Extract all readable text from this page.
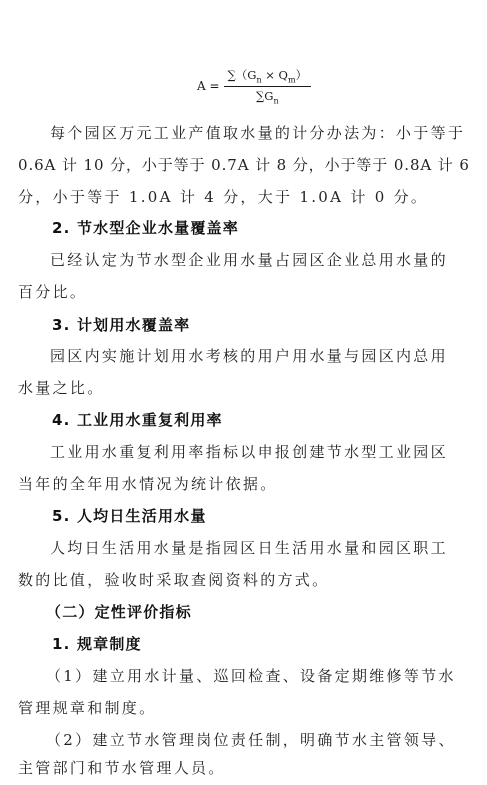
$A = \frac{\sum(G_n \times Q_m)}{\sum G_n}$
每个园区万元工业产值取水量的计分办法为：小于等于
0.6A 计 10 分，小于等于 0.7A 计 8 分，小于等于 0.8A 计 6
分，小于等于 1.0A 计 4 分，大于 1.0A 计 0 分。
2. 节水型企业水量覆盖率
已经认定为节水型企业用水量占园区企业总用水量的
百分比。
3. 计划用水覆盖率
园区内实施计划用水考核的用户用水量与园区内总用
水量之比。
4. 工业用水重复利用率
工业用水重复利用率指标以申报创建节水型工业园区
当年的全年用水情况为统计依据。
5. 人均日生活用水量
人均日生活用水量是指园区日生活用水量和园区职工
数的比值，验收时采取查阅资料的方式。
（二）定性评价指标
1. 规章制度
（1）建立用水计量、巡回检查、设备定期维修等节水
管理规章和制度。
（2）建立节水管理岗位责任制，明确节水主管领导、
主管部门和节水管理人员。
